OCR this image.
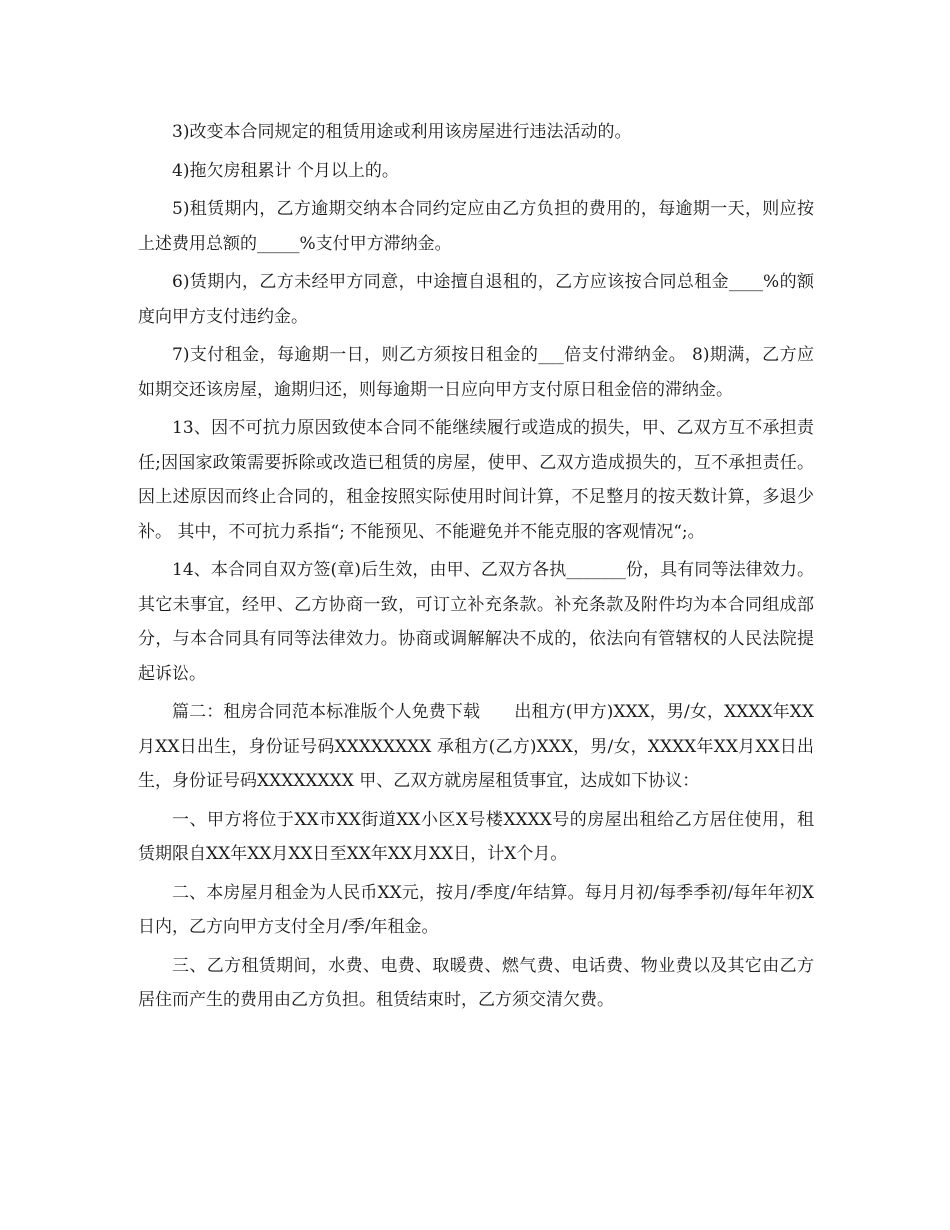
3)改变本合同规定的租赁用途或利用该房屋进行违法活动的。

4)拖欠房租累计 个月以上的。

5)租赁期内，乙方逾期交纳本合同约定应由乙方负担的费用的，每逾期一天，则应按上述费用总额的_____%支付甲方滞纳金。

6)赁期内，乙方未经甲方同意，中途擅自退租的，乙方应该按合同总租金____%的额度向甲方支付违约金。

7)支付租金，每逾期一日，则乙方须按日租金的___倍支付滞纳金。 8)期满，乙方应如期交还该房屋，逾期归还，则每逾期一日应向甲方支付原日租金倍的滞纳金。

13、因不可抗力原因致使本合同不能继续履行或造成的损失，甲、乙双方互不承担责任;因国家政策需要拆除或改造已租赁的房屋，使甲、乙双方造成损失的，互不承担责任。因上述原因而终止合同的，租金按照实际使用时间计算，不足整月的按天数计算，多退少补。 其中，不可抗力系指“; 不能预见、不能避免并不能克服的客观情况“;。

14、本合同自双方签(章)后生效，由甲、乙双方各执_______份，具有同等法律效力。其它未事宜，经甲、乙方协商一致，可订立补充条款。补充条款及附件均为本合同组成部分，与本合同具有同等法律效力。协商或调解解决不成的，依法向有管辖权的人民法院提起诉讼。

篇二：租房合同范本标准版个人免费下载　　出租方(甲方)XXX，男/女，XXXX年XX月XX日出生，身份证号码XXXXXXXX 承租方(乙方)XXX，男/女，XXXX年XX月XX日出生，身份证号码XXXXXXXX 甲、乙双方就房屋租赁事宜，达成如下协议：

一、甲方将位于XX市XX街道XX小区X号楼XXXX号的房屋出租给乙方居住使用，租赁期限自XX年XX月XX日至XX年XX月XX日，计X个月。

二、本房屋月租金为人民币XX元，按月/季度/年结算。每月月初/每季季初/每年年初X日内，乙方向甲方支付全月/季/年租金。

三、乙方租赁期间，水费、电费、取暖费、燃气费、电话费、物业费以及其它由乙方居住而产生的费用由乙方负担。租赁结束时，乙方须交清欠费。
